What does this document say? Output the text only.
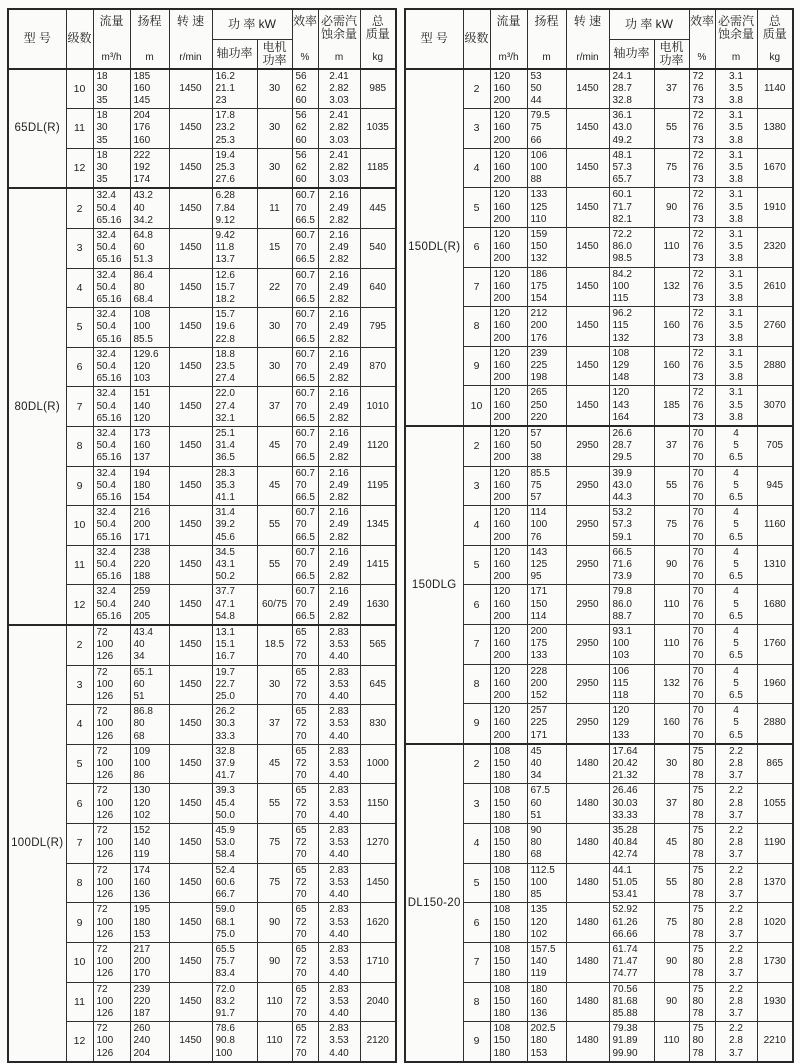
型 号	级数	流量
m³/h	扬程
m	转 速
r/min	功 率 kW		效率
%	必需汽
蚀余量
m	总
质量
kg

					轴功率	电机
功率			
65DL(R)	10	18
30
35	185
160
145	1450	16.2
21.1
23	30	56
62
60	2.41
2.82
3.03	985
	11	18
30
35	204
176
160	1450	17.8
23.2
25.3	30	56
62
60	2.41
2.82
3.03	1035
	12	18
30
35	222
192
174	1450	19.4
25.3
27.6	30	56
62
60	2.41
2.82
3.03	1185
80DL(R)	2	32.4
50.4
65.16	43.2
40
34.2	1450	6.28
7.84
9.12	11	60.7
70
66.5	2.16
2.49
2.82	445
	3	32.4
50.4
65.16	64.8
60
51.3	1450	9.42
11.8
13.7	15	60.7
70
66.5	2.16
2.49
2.82	540
	4	32.4
50.4
65.16	86.4
80
68.4	1450	12.6
15.7
18.2	22	60.7
70
66.5	2.16
2.49
2.82	640
	5	32.4
50.4
65.16	108
100
85.5	1450	15.7
19.6
22.8	30	60.7
70
66.5	2.16
2.49
2.82	795
	6	32.4
50.4
65.16	129.6
120
103	1450	18.8
23.5
27.4	30	60.7
70
66.5	2.16
2.49
2.82	870
	7	32.4
50.4
65.16	151
140
120	1450	22.0
27.4
32.1	37	60.7
70
66.5	2.16
2.49
2.82	1010
	8	32.4
50.4
65.16	173
160
137	1450	25.1
31.4
36.5	45	60.7
70
66.5	2.16
2.49
2.82	1120
	9	32.4
50.4
65.16	194
180
154	1450	28.3
35.3
41.1	45	60.7
70
66.5	2.16
2.49
2.82	1195
	10	32.4
50.4
65.16	216
200
171	1450	31.4
39.2
45.6	55	60.7
70
66.5	2.16
2.49
2.82	1345
	11	32.4
50.4
65.16	238
220
188	1450	34.5
43.1
50.2	55	60.7
70
66.5	2.16
2.49
2.82	1415
	12	32.4
50.4
65.16	259
240
205	1450	37.7
47.1
54.8	60/75	60.7
70
66.5	2.16
2.49
2.82	1630
100DL(R)	2	72
100
126	43.4
40
34	1450	13.1
15.1
16.7	18.5	65
72
70	2.83
3.53
4.40	565
	3	72
100
126	65.1
60
51	1450	19.7
22.7
25.0	30	65
72
70	2.83
3.53
4.40	645
	4	72
100
126	86.8
80
68	1450	26.2
30.3
33.3	37	65
72
70	2.83
3.53
4.40	830
	5	72
100
126	109
100
86	1450	32.8
37.9
41.7	45	65
72
70	2.83
3.53
4.40	1000
	6	72
100
126	130
120
102	1450	39.3
45.4
50.0	55	65
72
70	2.83
3.53
4.40	1150
	7	72
100
126	152
140
119	1450	45.9
53.0
58.4	75	65
72
70	2.83
3.53
4.40	1270
	8	72
100
126	174
160
136	1450	52.4
60.6
66.7	75	65
72
70	2.83
3.53
4.40	1450
	9	72
100
126	195
180
153	1450	59.0
68.1
75.0	90	65
72
70	2.83
3.53
4.40	1620
	10	72
100
126	217
200
170	1450	65.5
75.7
83.4	90	65
72
70	2.83
3.53
4.40	1710
	11	72
100
126	239
220
187	1450	72.0
83.2
91.7	110	65
72
70	2.83
3.53
4.40	2040
	12	72
100
126	260
240
204	1450	78.6
90.8
100	110	65
72
70	2.83
3.53
4.40	2120
型 号	级数	流量
m³/h	扬程
m	转 速
r/min	功 率 kW		效率
%	必需汽
蚀余量
m	总
质量
kg

					轴功率	电机
功率			
150DL(R)	2	120
160
200	53
50
44	1450	24.1
28.7
32.8	37	72
76
73	3.1
3.5
3.8	1140
	3	120
160
200	79.5
75
66	1450	36.1
43.0
49.2	55	72
76
73	3.1
3.5
3.8	1380
	4	120
160
200	106
100
88	1450	48.1
57.3
65.7	75	72
76
73	3.1
3.5
3.8	1670
	5	120
160
200	133
125
110	1450	60.1
71.7
82.1	90	72
76
73	3.1
3.5
3.8	1910
	6	120
160
200	159
150
132	1450	72.2
86.0
98.5	110	72
76
73	3.1
3.5
3.8	2320
	7	120
160
200	186
175
154	1450	84.2
100
115	132	72
76
73	3.1
3.5
3.8	2610
	8	120
160
200	212
200
176	1450	96.2
115
132	160	72
76
73	3.1
3.5
3.8	2760
	9	120
160
200	239
225
198	1450	108
129
148	160	72
76
73	3.1
3.5
3.8	2880
	10	120
160
200	265
250
220	1450	120
143
164	185	72
76
73	3.1
3.5
3.8	3070
150DLG	2	120
160
200	57
50
38	2950	26.6
28.7
29.5	37	70
76
70	4
5
6.5	705
	3	120
160
200	85.5
75
57	2950	39.9
43.0
44.3	55	70
76
70	4
5
6.5	945
	4	120
160
200	114
100
76	2950	53.2
57.3
59.1	75	70
76
70	4
5
6.5	1160
	5	120
160
200	143
125
95	2950	66.5
71.6
73.9	90	70
76
70	4
5
6.5	1310
	6	120
160
200	171
150
114	2950	79.8
86.0
88.7	110	70
76
70	4
5
6.5	1680
	7	120
160
200	200
175
133	2950	93.1
100
103	110	70
76
70	4
5
6.5	1760
	8	120
160
200	228
200
152	2950	106
115
118	132	70
76
70	4
5
6.5	1960
	9	120
160
200	257
225
171	2950	120
129
133	160	70
76
70	4
5
6.5	2880
DL150-20	2	108
150
180	45
40
34	1480	17.64
20.42
21.32	30	75
80
78	2.2
2.8
3.7	865
	3	108
150
180	67.5
60
51	1480	26.46
30.03
33.33	37	75
80
78	2.2
2.8
3.7	1055
	4	108
150
180	90
80
68	1480	35.28
40.84
42.74	45	75
80
78	2.2
2.8
3.7	1190
	5	108
150
180	112.5
100
85	1480	44.1
51.05
53.41	55	75
80
78	2.2
2.8
3.7	1370
	6	108
150
180	135
120
102	1480	52.92
61.26
66.66	75	75
80
78	2.2
2.8
3.7	1020
	7	108
150
180	157.5
140
119	1480	61.74
71.47
74.77	90	75
80
78	2.2
2.8
3.7	1730
	8	108
150
180	180
160
136	1480	70.56
81.68
85.88	90	75
80
78	2.2
2.8
3.7	1930
	9	108
150
180	202.5
180
153	1480	79.38
91.89
99.90	110	75
80
78	2.2
2.8
3.7	2210
